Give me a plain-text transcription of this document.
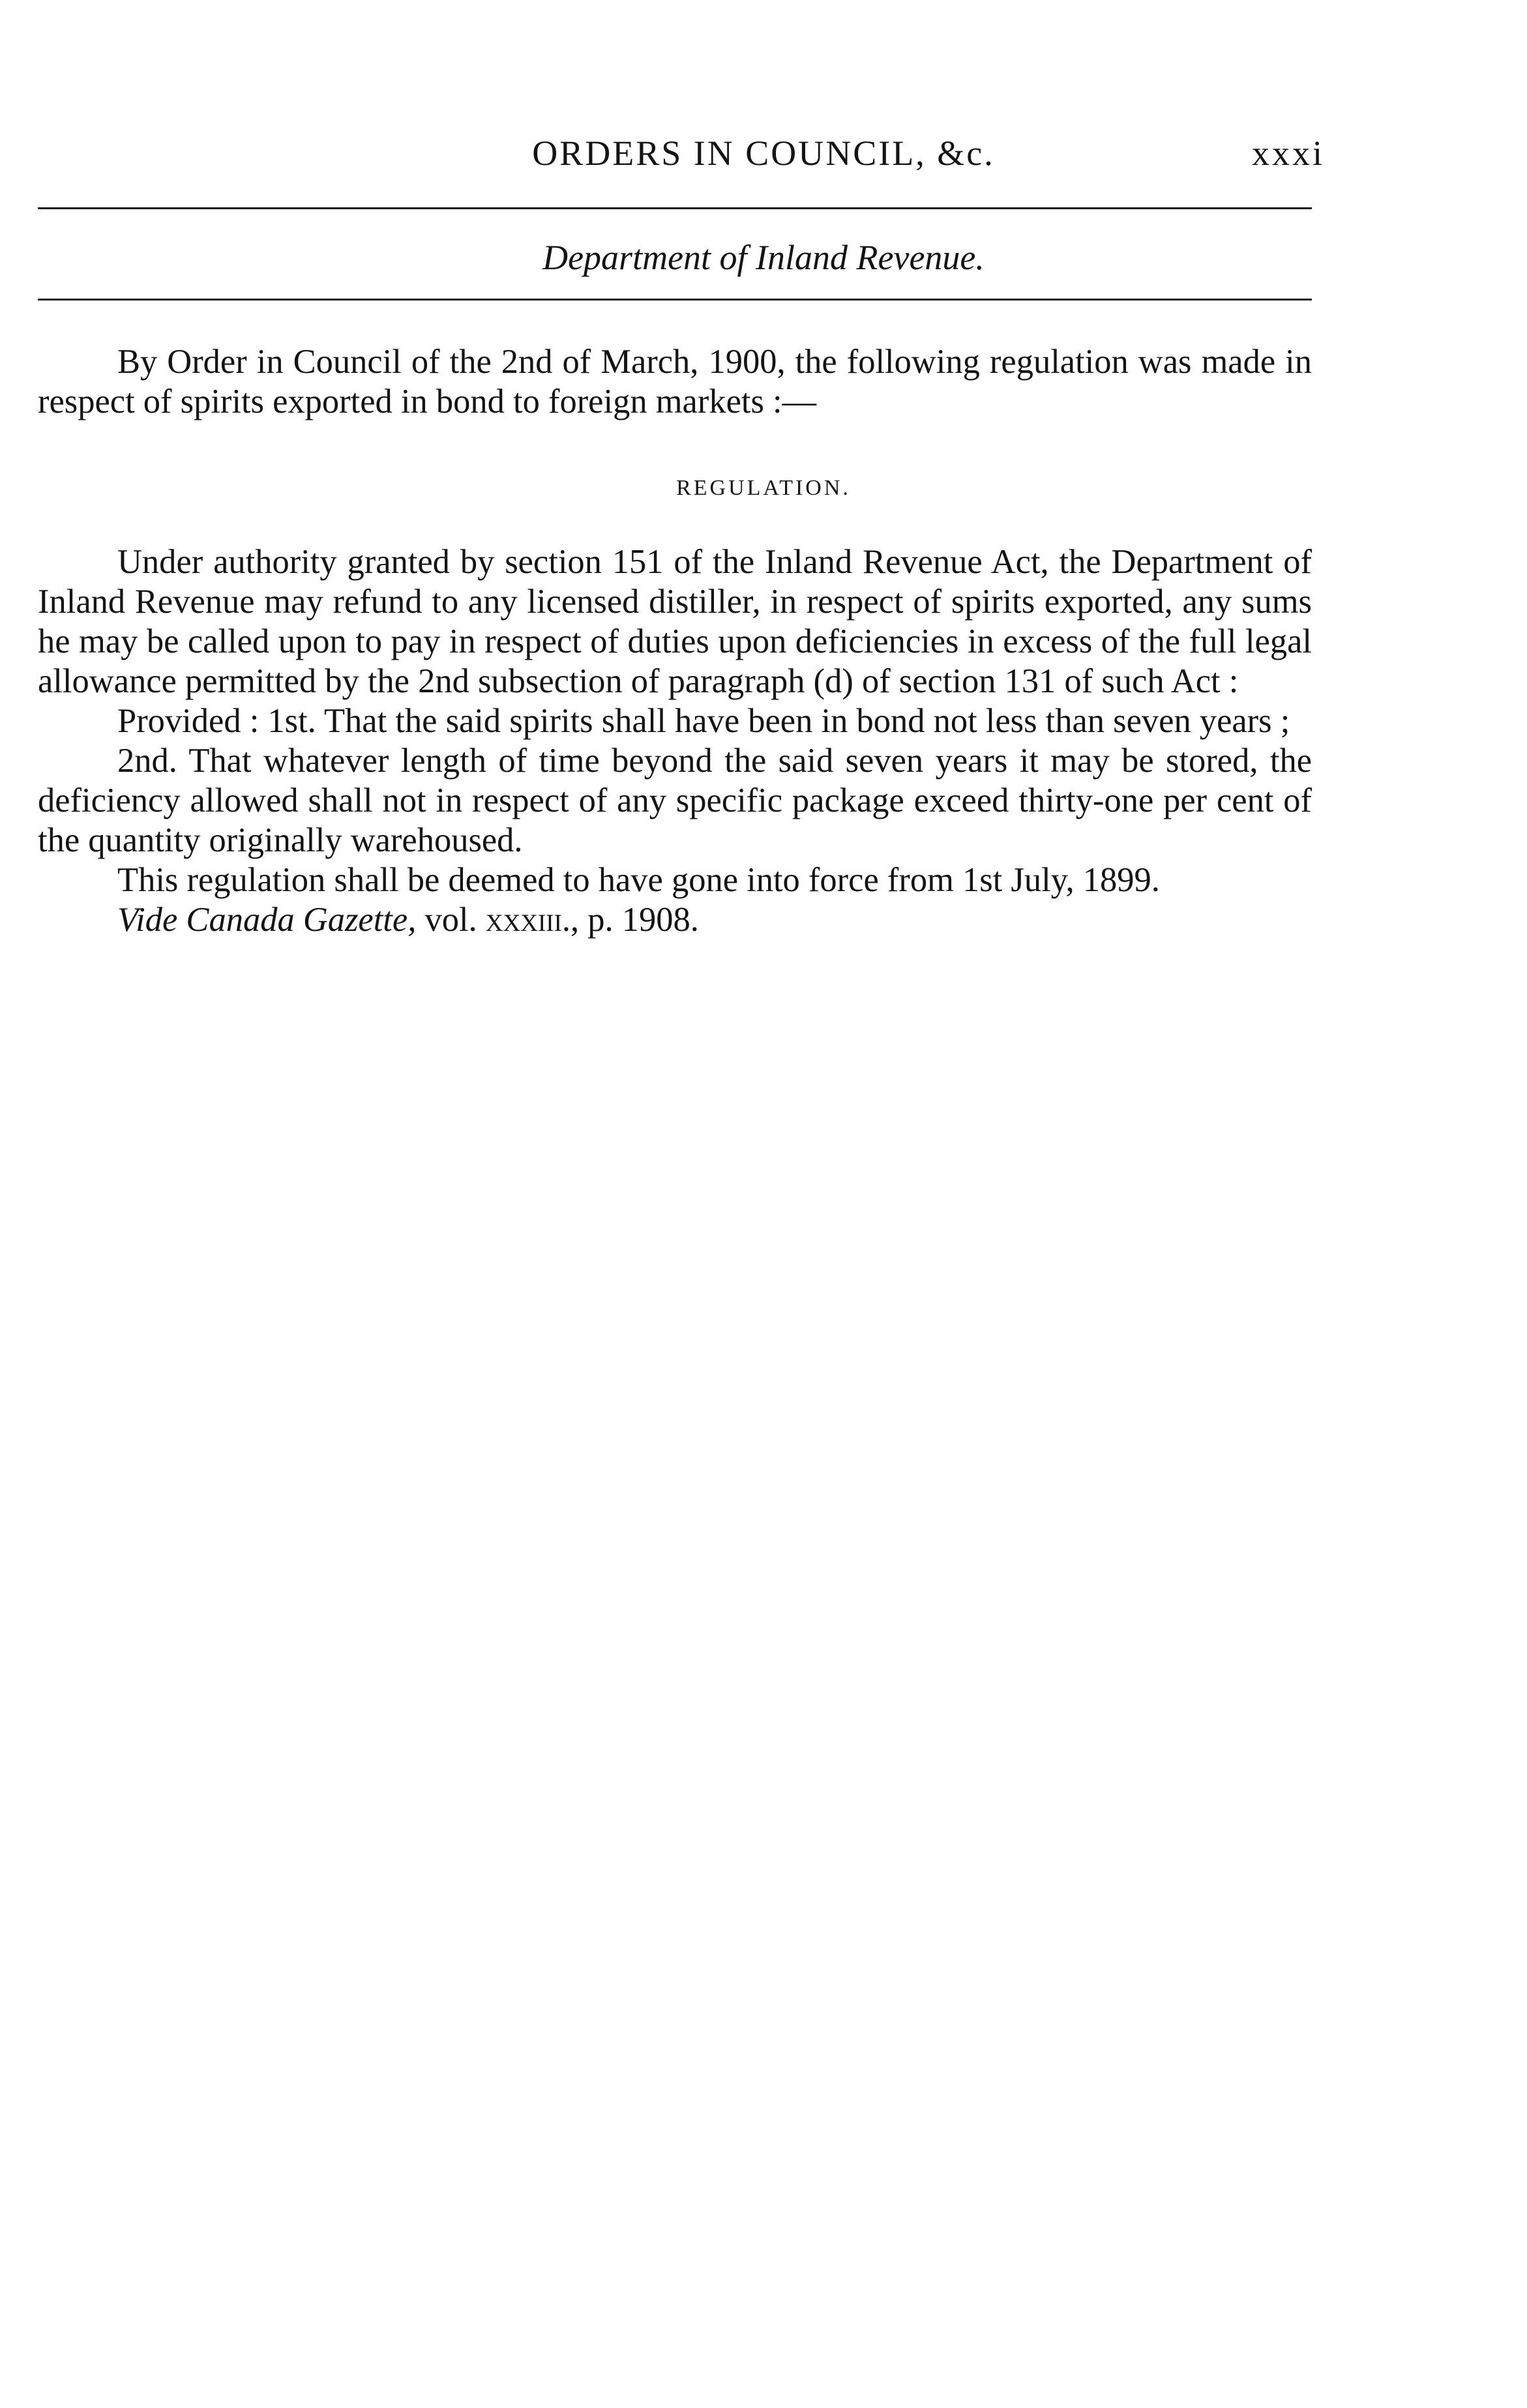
ORDERS IN COUNCIL, &c.	xxxi
Department of Inland Revenue.

By Order in Council of the 2nd of March, 1900, the following regulation was made in respect of spirits exported in bond to foreign markets :—

REGULATION.

Under authority granted by section 151 of the Inland Revenue Act, the Department of Inland Revenue may refund to any licensed distiller, in respect of spirits exported, any sums he may be called upon to pay in respect of duties upon deficiencies in excess of the full legal allowance permitted by the 2nd subsection of paragraph (d) of section 131 of such Act :

Provided : 1st. That the said spirits shall have been in bond not less than seven years ;

2nd. That whatever length of time beyond the said seven years it may be stored, the deficiency allowed shall not in respect of any specific package exceed thirty-one per cent of the quantity originally warehoused.

This regulation shall be deemed to have gone into force from 1st July, 1899.

Vide Canada Gazette, vol. xxxiii., p. 1908.
